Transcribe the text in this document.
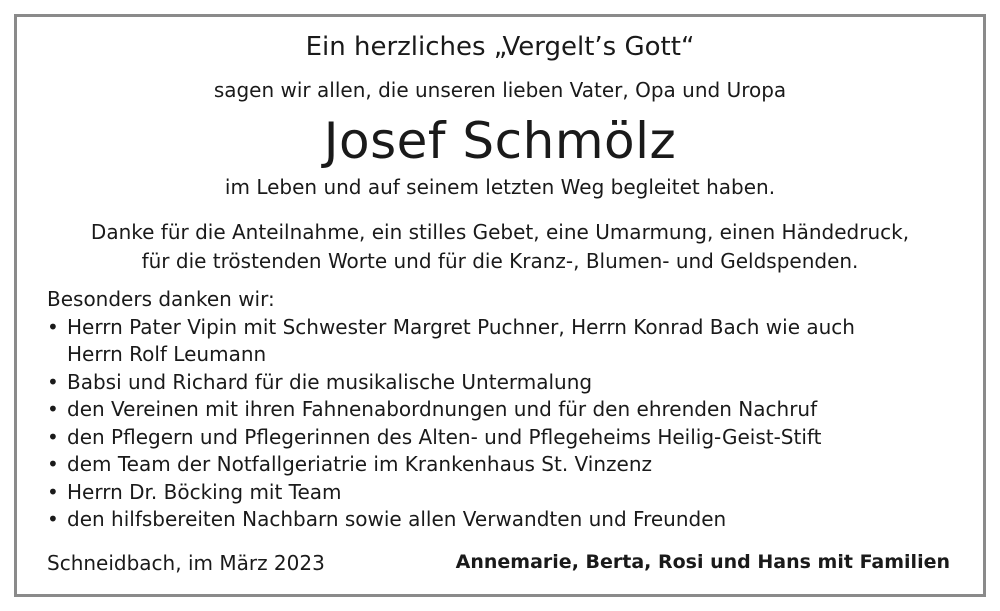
Ein herzliches „Vergelt’s Gott“
sagen wir allen, die unseren lieben Vater, Opa und Uropa
Josef Schmölz
im Leben und auf seinem letzten Weg begleitet haben.
Danke für die Anteilnahme, ein stilles Gebet, eine Umarmung, einen Händedruck,
für die tröstenden Worte und für die Kranz-, Blumen- und Geldspenden.
Besonders danken wir:
• Herrn Pater Vipin mit Schwester Margret Puchner, Herrn Konrad Bach wie auch
Herrn Rolf Leumann
• Babsi und Richard für die musikalische Untermalung
• den Vereinen mit ihren Fahnenabordnungen und für den ehrenden Nachruf
• den Pflegern und Pflegerinnen des Alten- und Pflegeheims Heilig-Geist-Stift
• dem Team der Notfallgeriatrie im Krankenhaus St. Vinzenz
• Herrn Dr. Böcking mit Team
• den hilfsbereiten Nachbarn sowie allen Verwandten und Freunden
Schneidbach, im März 2023	Annemarie, Berta, Rosi und Hans mit Familien
